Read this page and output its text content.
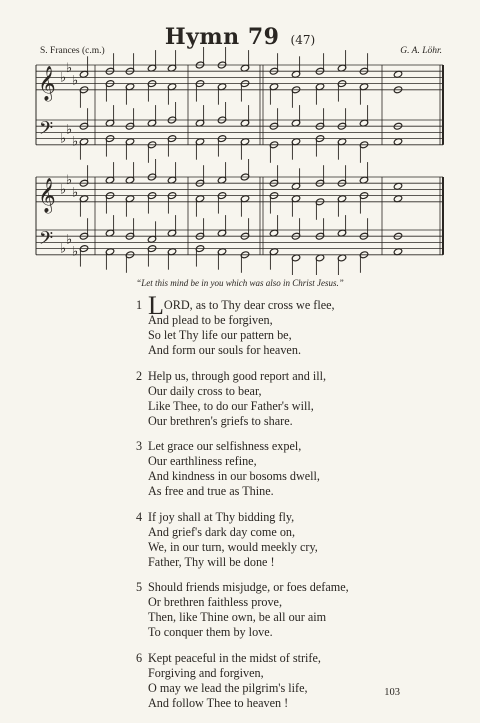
Hymn 79 (47)
S. Frances (c.m.)	G. A. Löhr.
𝄞
𝄢
♭
♭
♭
♭
♭
♭
𝄞
𝄢
♭
♭
♭
♭
♭
♭
“Let this mind be in you which was also in Christ Jesus.”
1 LORD, as to Thy dear cross we flee,
And plead to be forgiven,
So let Thy life our pattern be,
And form our souls for heaven.
2 Help us, through good report and ill,
Our daily cross to bear,
Like Thee, to do our Father's will,
Our brethren's griefs to share.
3 Let grace our selfishness expel,
Our earthliness refine,
And kindness in our bosoms dwell,
As free and true as Thine.
4 If joy shall at Thy bidding fly,
And grief's dark day come on,
We, in our turn, would meekly cry,
Father, Thy will be done !
5 Should friends misjudge, or foes defame,
Or brethren faithless prove,
Then, like Thine own, be all our aim
To conquer them by love.
6 Kept peaceful in the midst of strife,
Forgiving and forgiven,
O may we lead the pilgrim's life,
And follow Thee to heaven !
103
